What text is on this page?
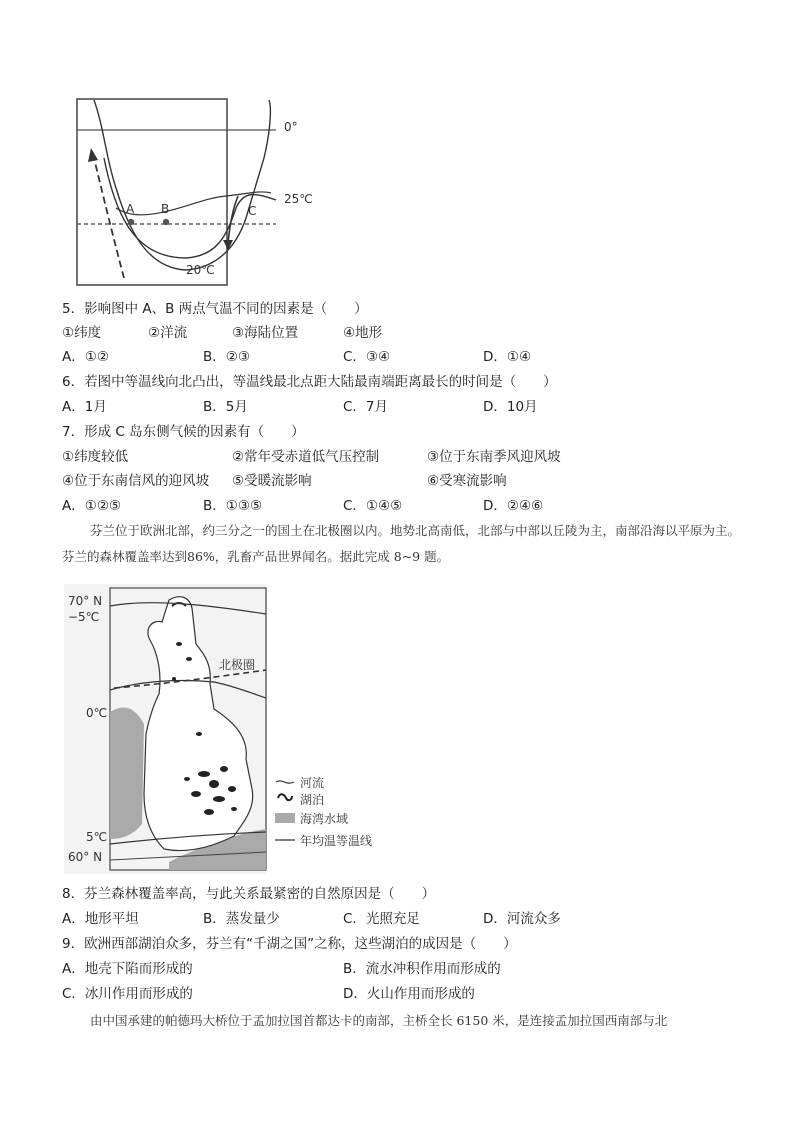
0°
25℃
20℃
A B	C
5．影响图中 A、B 两点气温不同的因素是（　　）
①纬度	②洋流	③海陆位置	④地形
A．①②	B．②③	C．③④	D．①④
6．若图中等温线向北凸出，等温线最北点距大陆最南端距离最长的时间是（　　）
A．1月	B．5月	C．7月	D．10月
7．形成 C 岛东侧气候的因素有（　　）
①纬度较低	②常年受赤道低气压控制	③位于东南季风迎风坡
④位于东南信风的迎风坡 ⑤受暖流影响	⑥受寒流影响
A．①②⑤	B．①③⑤	C．①④⑤	D．②④⑥
芬兰位于欧洲北部，约三分之一的国土在北极圈以内。地势北高南低，北部与中部以丘陵为主，南部沿海以平原为主。芬兰的森林覆盖率达到86%，乳畜产品世界闻名。据此完成 8~9 题。
70° N
−5℃
北极圈
0℃
5℃
60° N
河流
湖泊
海湾水域
年均温等温线
8．芬兰森林覆盖率高，与此关系最紧密的自然原因是（　　）
A．地形平坦	B．蒸发量少	C．光照充足	D．河流众多
9．欧洲西部湖泊众多，芬兰有“千湖之国”之称，这些湖泊的成因是（　　）
A．地壳下陷而形成的	B．流水冲积作用而形成的
C．冰川作用而形成的	D．火山作用而形成的
由中国承建的帕德玛大桥位于孟加拉国首都达卡的南部，主桥全长 6150 米，是连接孟加拉国西南部与北
